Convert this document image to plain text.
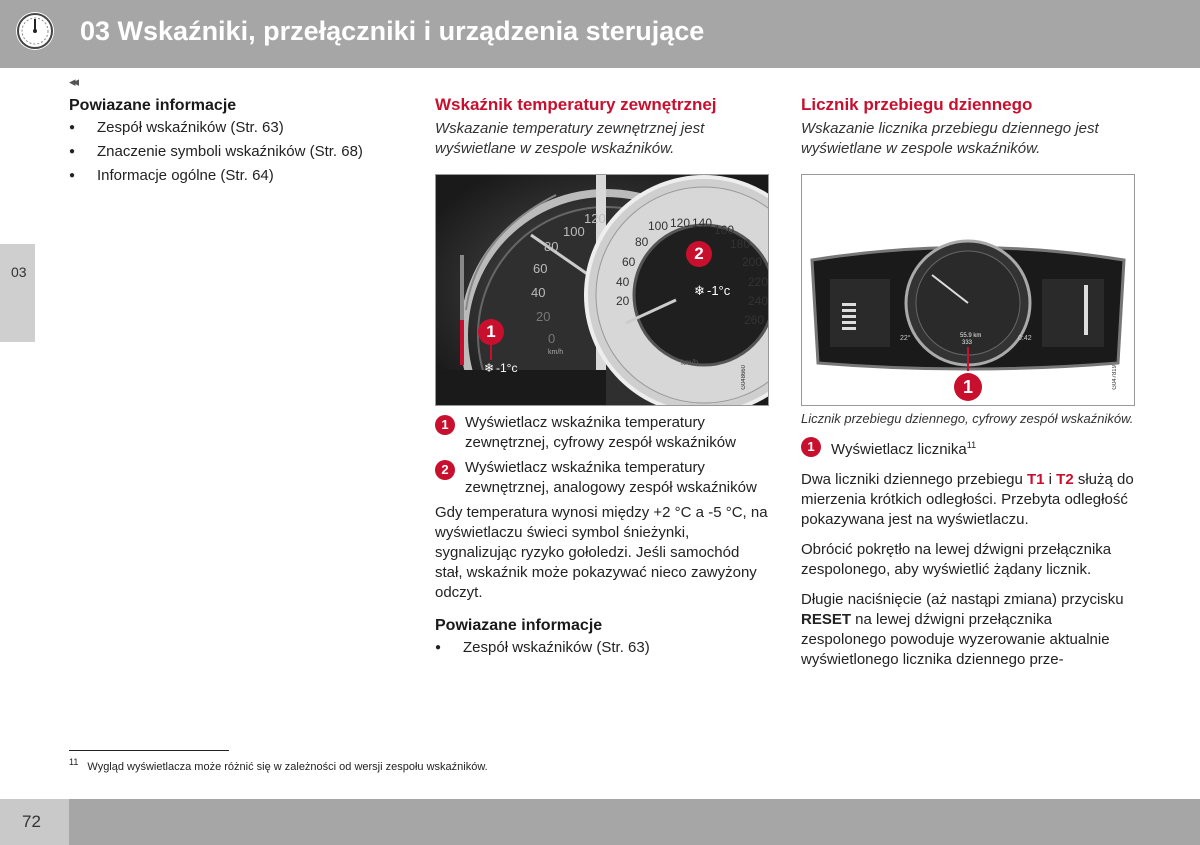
03 Wskaźniki, przełączniki i urządzenia sterujące
◂◂
03
Powiazane informacje
● Zespół wskaźników (Str. 63)
● Znaczenie symboli wskaźników (Str. 68)
● Informacje ogólne (Str. 64)
Wskaźnik temperatury zewnętrznej

Wskazanie temperatury zewnętrznej jest wyświetlane w zespole wskaźników.

120
100
80
60
40
20
0
km/h
❄ -1°c
1
80
100 120 140 160
180
200
220
240
260
60
40
20
km/h
❄ -1°c
2
G048660
1	Wyświetlacz wskaźnika temperatury zewnętrznej, cyfrowy zespół wskaźników
2	Wyświetlacz wskaźnika temperatury zewnętrznej, analogowy zespół wskaźników

Gdy temperatura wynosi między +2 °C a -5 °C, na wyświetlaczu świeci symbol śnieżynki, sygnalizując ryzyko gołoledzi. Jeśli samochód stał, wskaźnik może pokazywać nieco zawyżony odczyt.

Powiazane informacje
● Zespół wskaźników (Str. 63)
Licznik przebiegu dziennego

Wskazanie licznika przebiegu dziennego jest wyświetlane w zespole wskaźników.

55.9 km
333
22°	0:42
1	G047819

Licznik przebiegu dziennego, cyfrowy zespół wskaźników.

1	Wyświetlacz licznika$^{11}$

Dwa liczniki dziennego przebiegu T1 i T2 służą do mierzenia krótkich odległości. Przebyta odległość pokazywana jest na wyświetlaczu.

Obrócić pokrętło na lewej dźwigni przełącznika zespolonego, aby wyświetlić żądany licznik.

Długie naciśnięcie (aż nastąpi zmiana) przycisku RESET na lewej dźwigni przełącznika zespolonego powoduje wyzerowanie aktualnie wyświetlonego licznika dziennego prze-

$^{11}$ Wygląd wyświetlacza może różnić się w zależności od wersji zespołu wskaźników.
72
